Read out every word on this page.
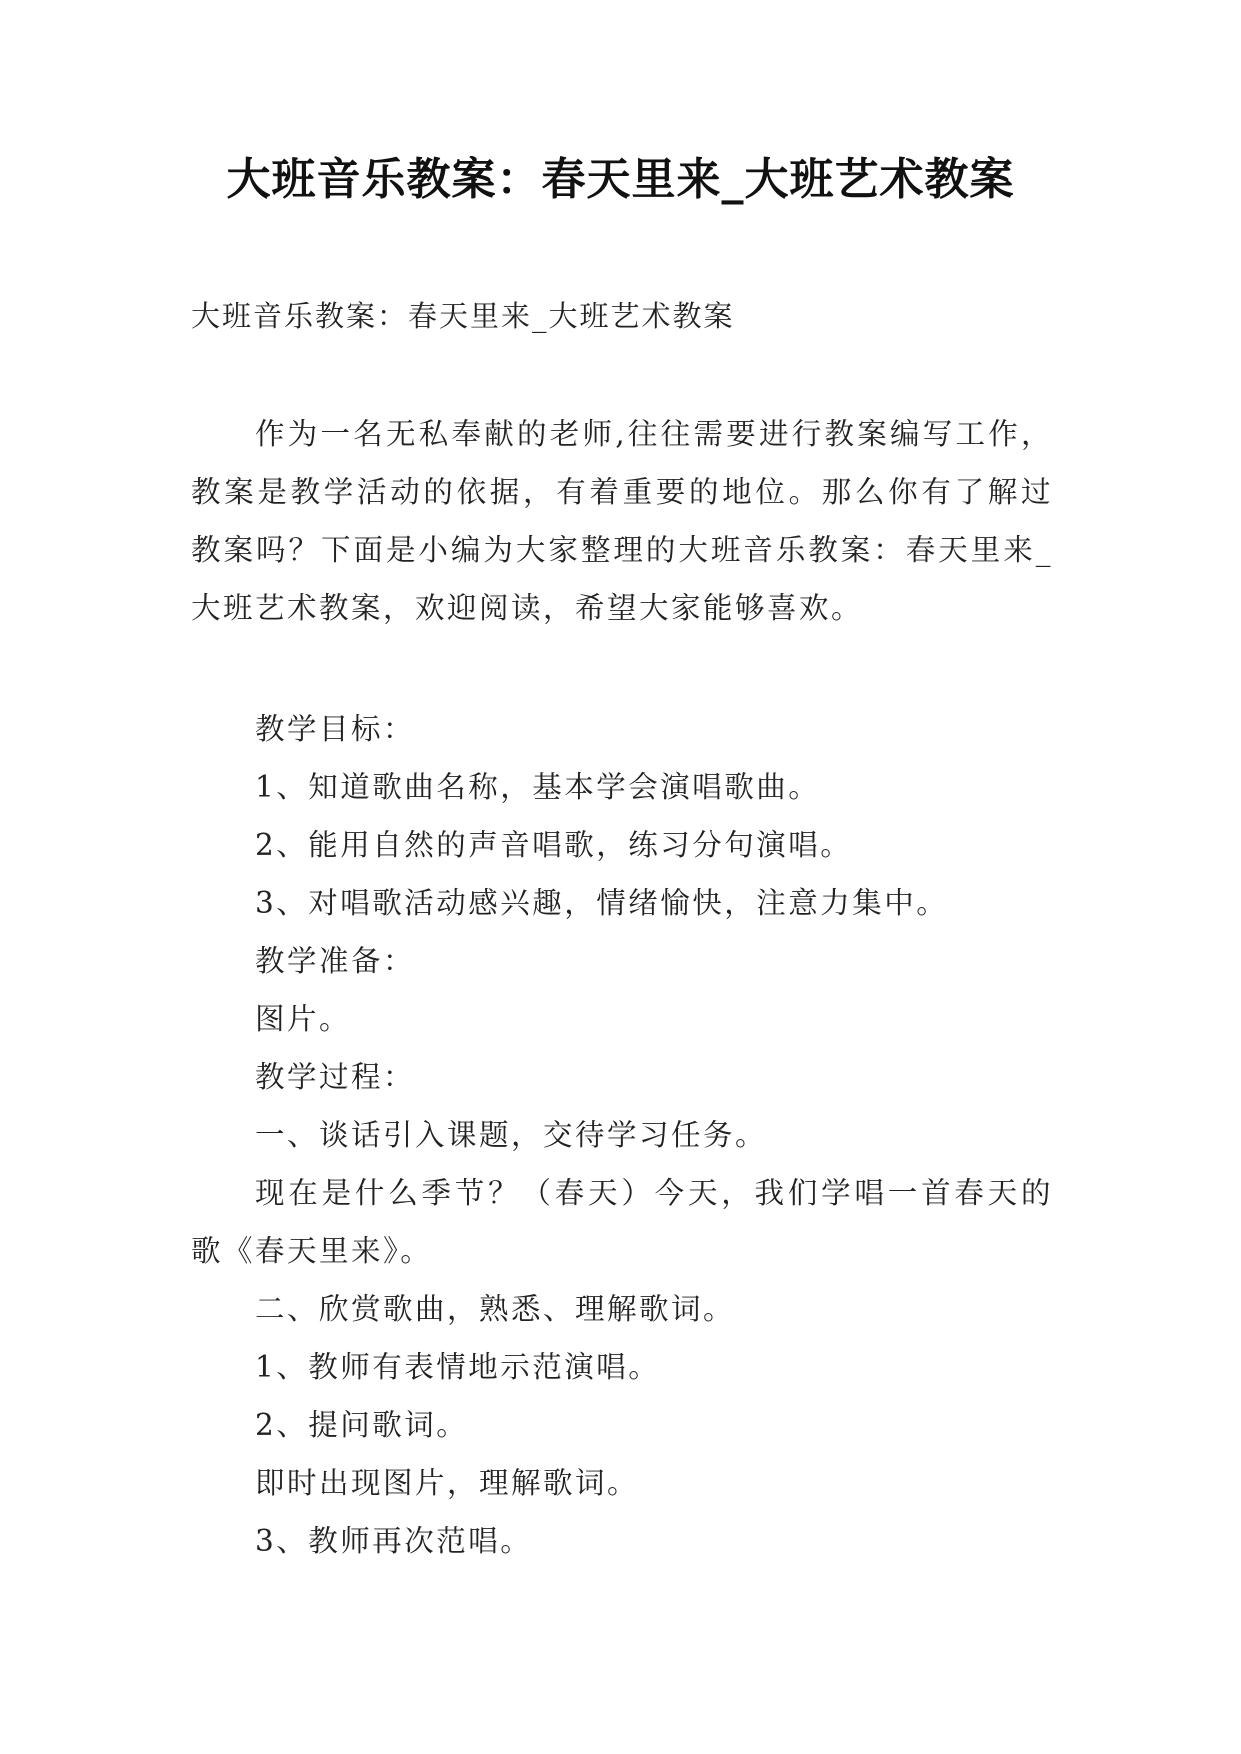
大班音乐教案：春天里来_大班艺术教案
大班音乐教案：春天里来_大班艺术教案

作为一名无私奉献的老师,往往需要进行教案编写工作，教案是教学活动的依据，有着重要的地位。那么你有了解过教案吗？下面是小编为大家整理的大班音乐教案：春天里来_大班艺术教案，欢迎阅读，希望大家能够喜欢。

教学目标：

1、知道歌曲名称，基本学会演唱歌曲。

2、能用自然的声音唱歌，练习分句演唱。

3、对唱歌活动感兴趣，情绪愉快，注意力集中。

教学准备：

图片。

教学过程：

一、谈话引入课题，交待学习任务。

现在是什么季节？（春天）今天，我们学唱一首春天的歌《春天里来》。

二、欣赏歌曲，熟悉、理解歌词。

1、教师有表情地示范演唱。

2、提问歌词。

即时出现图片，理解歌词。

3、教师再次范唱。
